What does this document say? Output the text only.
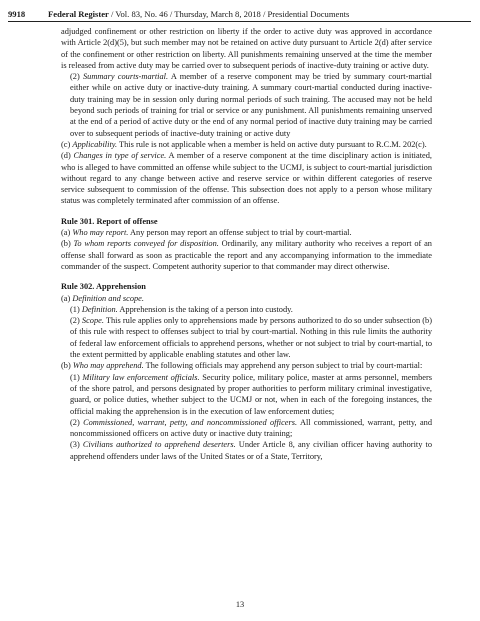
9918	Federal Register / Vol. 83, No. 46 / Thursday, March 8, 2018 / Presidential Documents

adjudged confinement or other restriction on liberty if the order to active duty was approved in accordance with Article 2(d)(5), but such member may not be retained on active duty pursuant to Article 2(d) after service of the confinement or other restriction on liberty. All punishments remaining unserved at the time the member is released from active duty may be carried over to subsequent periods of inactive-duty training or active duty.

(2) Summary courts-martial. A member of a reserve component may be tried by summary court-martial either while on active duty or inactive-duty training. A summary court-martial conducted during inactive-duty training may be in session only during normal periods of such training. The accused may not be held beyond such periods of training for trial or service or any punishment. All punishments remaining unserved at the end of a period of active duty or the end of any normal period of inactive duty training may be carried over to subsequent periods of inactive-duty training or active duty

(c) Applicability. This rule is not applicable when a member is held on active duty pursuant to R.C.M. 202(c).

(d) Changes in type of service. A member of a reserve component at the time disciplinary action is initiated, who is alleged to have committed an offense while subject to the UCMJ, is subject to court-martial jurisdiction without regard to any change between active and reserve service or within different categories of reserve service subsequent to commission of the offense. This subsection does not apply to a person whose military status was completely terminated after commission of an offense.

Rule 301. Report of offense

(a) Who may report. Any person may report an offense subject to trial by court-martial.

(b) To whom reports conveyed for disposition. Ordinarily, any military authority who receives a report of an offense shall forward as soon as practicable the report and any accompanying information to the immediate commander of the suspect. Competent authority superior to that commander may direct otherwise.

Rule 302. Apprehension

(a) Definition and scope.

(1) Definition. Apprehension is the taking of a person into custody.

(2) Scope. This rule applies only to apprehensions made by persons authorized to do so under subsection (b) of this rule with respect to offenses subject to trial by court-martial. Nothing in this rule limits the authority of federal law enforcement officials to apprehend persons, whether or not subject to trial by court-martial, to the extent permitted by applicable enabling statutes and other law.

(b) Who may apprehend. The following officials may apprehend any person subject to trial by court-martial:

(1) Military law enforcement officials. Security police, military police, master at arms personnel, members of the shore patrol, and persons designated by proper authorities to perform military criminal investigative, guard, or police duties, whether subject to the UCMJ or not, when in each of the foregoing instances, the official making the apprehension is in the execution of law enforcement duties;

(2) Commissioned, warrant, petty, and noncommissioned officers. All commissioned, warrant, petty, and noncommissioned officers on active duty or inactive duty training;

(3) Civilians authorized to apprehend deserters. Under Article 8, any civilian officer having authority to apprehend offenders under laws of the United States or of a State, Territory,

13
